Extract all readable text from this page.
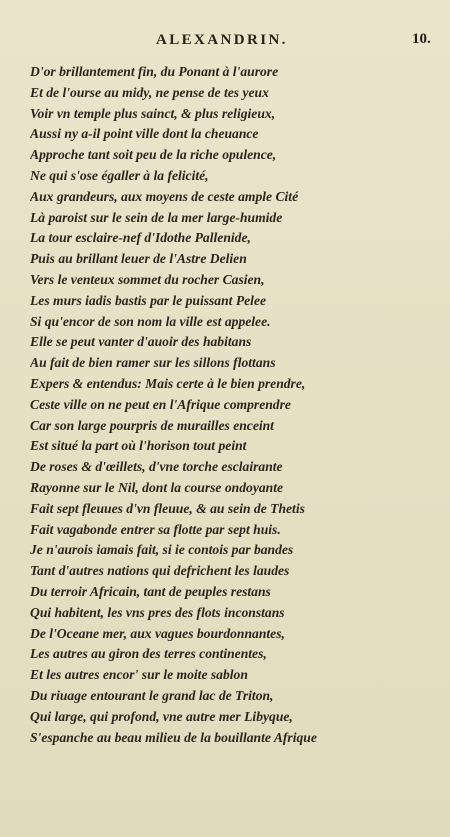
ALEXANDRIN.	10.
D'or brillantement fin, du Ponant à l'aurore
Et de l'ourse au midy, ne pense de tes yeux
Voir vn temple plus sainct, & plus religieux,
Aussi ny a-il point ville dont la cheuance
Approche tant soit peu de la riche opulence,
Ne qui s'ose égaller à la felicité,
Aux grandeurs, aux moyens de ceste ample Cité
Là paroist sur le sein de la mer large-humide
La tour esclaire-nef d'Idothe Pallenide,
Puis au brillant leuer de l'Astre Delien
Vers le venteux sommet du rocher Casien,
Les murs iadis bastis par le puissant Pelee
Si qu'encor de son nom la ville est appelee.
Elle se peut vanter d'auoir des habitans
Au fait de bien ramer sur les sillons flottans
Expers & entendus: Mais certe à le bien prendre,
Ceste ville on ne peut en l'Afrique comprendre
Car son large pourpris de murailles enceint
Est situé la part où l'horison tout peint
De roses & d'œillets, d'vne torche esclairante
Rayonne sur le Nil, dont la course ondoyante
Fait sept fleuues d'vn fleuue, & au sein de Thetis
Fait vagabonde entrer sa flotte par sept huis.
Je n'aurois iamais fait, si ie contois par bandes
Tant d'autres nations qui defrichent les laudes
Du terroir Africain, tant de peuples restans
Qui habitent, les vns pres des flots inconstans
De l'Oceane mer, aux vagues bourdonnantes,
Les autres au giron des terres continentes,
Et les autres encor' sur le moite sablon
Du riuage entourant le grand lac de Triton,
Qui large, qui profond, vne autre mer Libyque,
S'espanche au beau milieu de la bouillante Afrique
